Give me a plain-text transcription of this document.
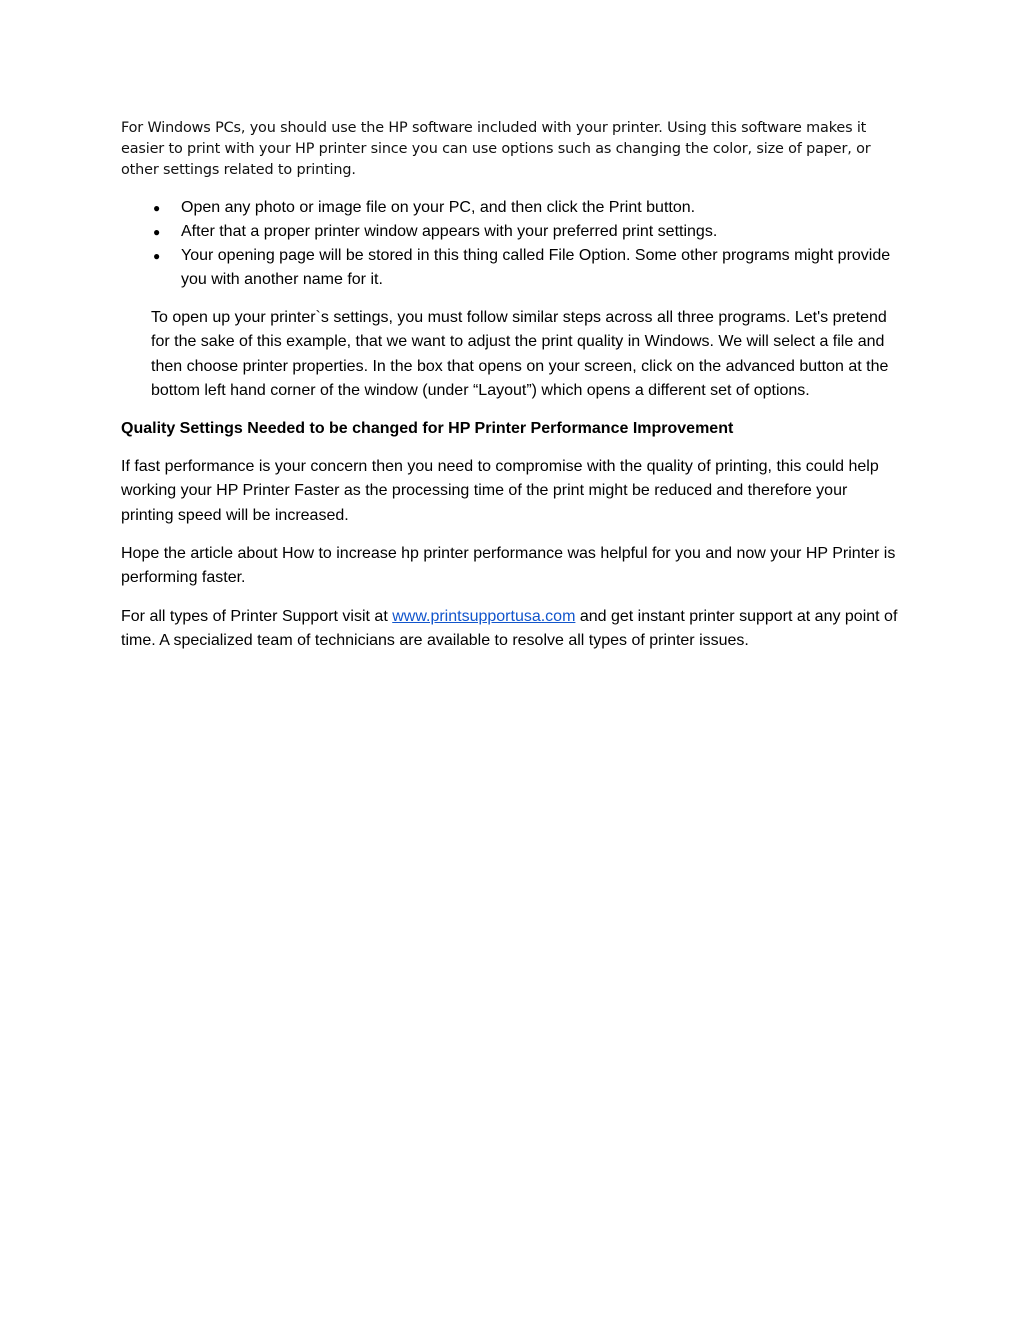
For Windows PCs, you should use the HP software included with your printer. Using this software makes it easier to print with your HP printer since you can use options such as changing the color, size of paper, or other settings related to printing.

● Open any photo or image file on your PC, and then click the Print button.
● After that a proper printer window appears with your preferred print settings.
● Your opening page will be stored in this thing called File Option. Some other programs might provide you with another name for it.

To open up your printer`s settings, you must follow similar steps across all three programs. Let's pretend for the sake of this example, that we want to adjust the print quality in Windows. We will select a file and then choose printer properties. In the box that opens on your screen, click on the advanced button at the bottom left hand corner of the window (under “Layout”) which opens a different set of options.

Quality Settings Needed to be changed for HP Printer Performance Improvement

If fast performance is your concern then you need to compromise with the quality of printing, this could help working your HP Printer Faster as the processing time of the print might be reduced and therefore your printing speed will be increased.

Hope the article about How to increase hp printer performance was helpful for you and now your HP Printer is performing faster.

For all types of Printer Support visit at www.printsupportusa.com and get instant printer support at any point of time. A specialized team of technicians are available to resolve all types of printer issues.
